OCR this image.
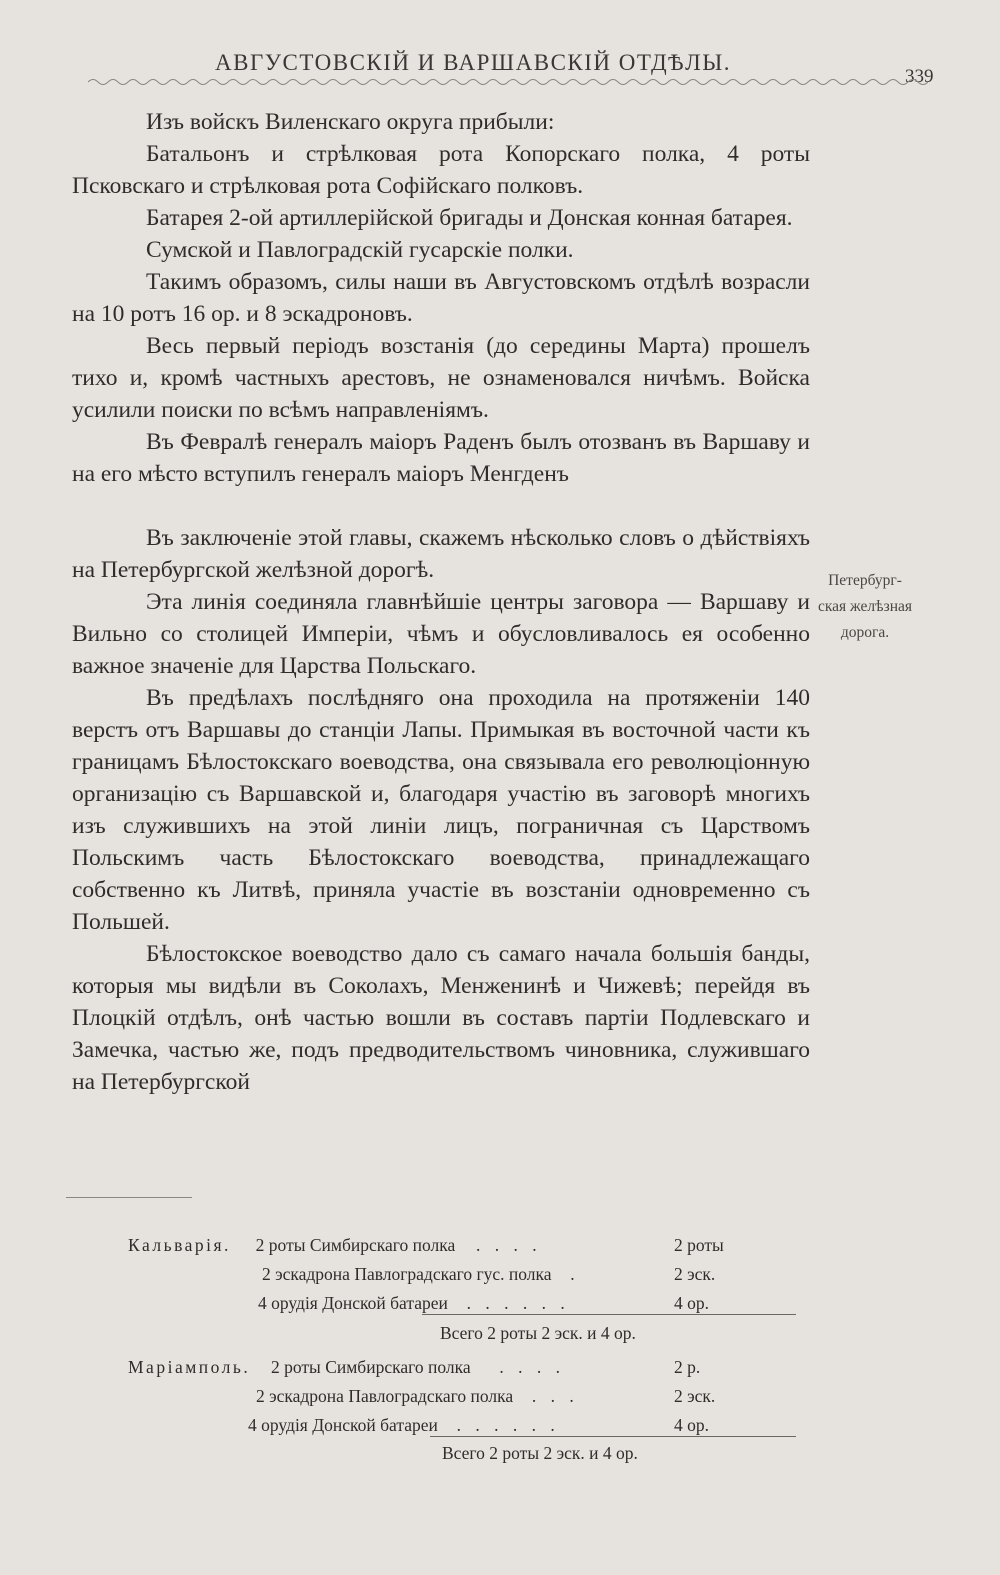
АВГУСТОВСКIЙ И ВАРШАВСКIЙ ОТДѢЛЫ.
339

Изъ войскъ Виленскаго округа прибыли:

Батальонъ и стрѣлковая рота Копорскаго полка, 4 роты Псковскаго и стрѣлковая рота Софійскаго полковъ.

Батарея 2-ой артиллерійской бригады и Донская конная батарея.

Сумской и Павлоградскій гусарскіе полки.

Такимъ образомъ, силы наши въ Августовскомъ отдѣлѣ возрасли на 10 ротъ 16 ор. и 8 эскадроновъ.

Весь первый періодъ возстанія (до середины Марта) прошелъ тихо и, кромѣ частныхъ арестовъ, не ознаменовался ничѣмъ. Войска усилили поиски по всѣмъ направленіямъ.

Въ Февралѣ генералъ маіоръ Раденъ былъ отозванъ въ Варшаву и на его мѣсто вступилъ генералъ маіоръ Менгденъ

Въ заключеніе этой главы, скажемъ нѣсколько словъ о дѣйствіяхъ на Петербургской желѣзной дорогѣ.

Эта линія соединяла главнѣйшіе центры заговора — Варшаву и Вильно со столицей Имперіи, чѣмъ и обусловливалось ея особенно важное значеніе для Царства Польскаго.

Въ предѣлахъ послѣдняго она проходила на протяженіи 140 верстъ отъ Варшавы до станціи Лапы. Примыкая въ восточной части къ границамъ Бѣлостокскаго воеводства, она связывала его революціонную организацію съ Варшавской и, благодаря участію въ заговорѣ многихъ изъ служившихъ на этой линіи лицъ, пограничная съ Царствомъ Польскимъ часть Бѣлостокскаго воеводства, принадлежащаго собственно къ Литвѣ, приняла участіе въ возстаніи одновременно съ Польшей.

Бѣлостокское воеводство дало съ самаго начала большія банды, которыя мы видѣли въ Соколахъ, Менженинѣ и Чижевѣ; перейдя въ Плоцкій отдѣлъ, онѣ частью вошли въ составъ партіи Подлевскаго и Замечка, частью же, подъ предводительствомъ чиновника, служившаго на Петербургской

Петербург-
ская желѣзная
дорога.
Кальварія. 2 роты Симбирскаго полка . . . .	2 роты
2 эскадрона Павлоградскаго гус. полка .	2 эск.
4 орудія Донской батареи . . . . . .	4 ор.
Всего 2 роты 2 эск. и 4 ор.
Маріамполь. 2 роты Симбирскаго полка . . . .	2 р.
2 эскадрона Павлоградскаго полка . . .	2 эск.
4 орудія Донской батареи . . . . . .	4 ор.
Всего 2 роты 2 эск. и 4 ор.
